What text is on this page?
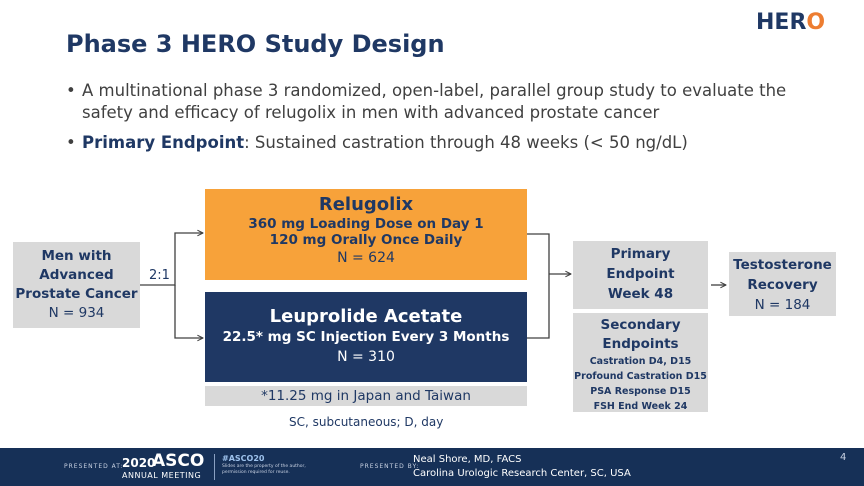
HERO
Phase 3 HERO Study Design
• A multinational phase 3 randomized, open-label, parallel group study to evaluate the safety and efficacy of relugolix in men with advanced prostate cancer
• Primary Endpoint: Sustained castration through 48 weeks (< 50 ng/dL)
Men with
Advanced
Prostate Cancer
N = 934
2:1
Relugolix
360 mg Loading Dose on Day 1
120 mg Orally Once Daily
N = 624
Leuprolide Acetate
22.5* mg SC Injection Every 3 Months
N = 310
*11.25 mg in Japan and Taiwan
Primary
Endpoint
Week 48
Secondary
Endpoints
Castration D4, D15
Profound Castration D15
PSA Response D15
FSH End Week 24
Testosterone
Recovery
N = 184
SC, subcutaneous; D, day
PRESENTED AT:
2020
ASCO
ANNUAL MEETING
#ASCO20
Slides are the property of the author, permission required for reuse.
PRESENTED BY:
Neal Shore, MD, FACS
Carolina Urologic Research Center, SC, USA
4
